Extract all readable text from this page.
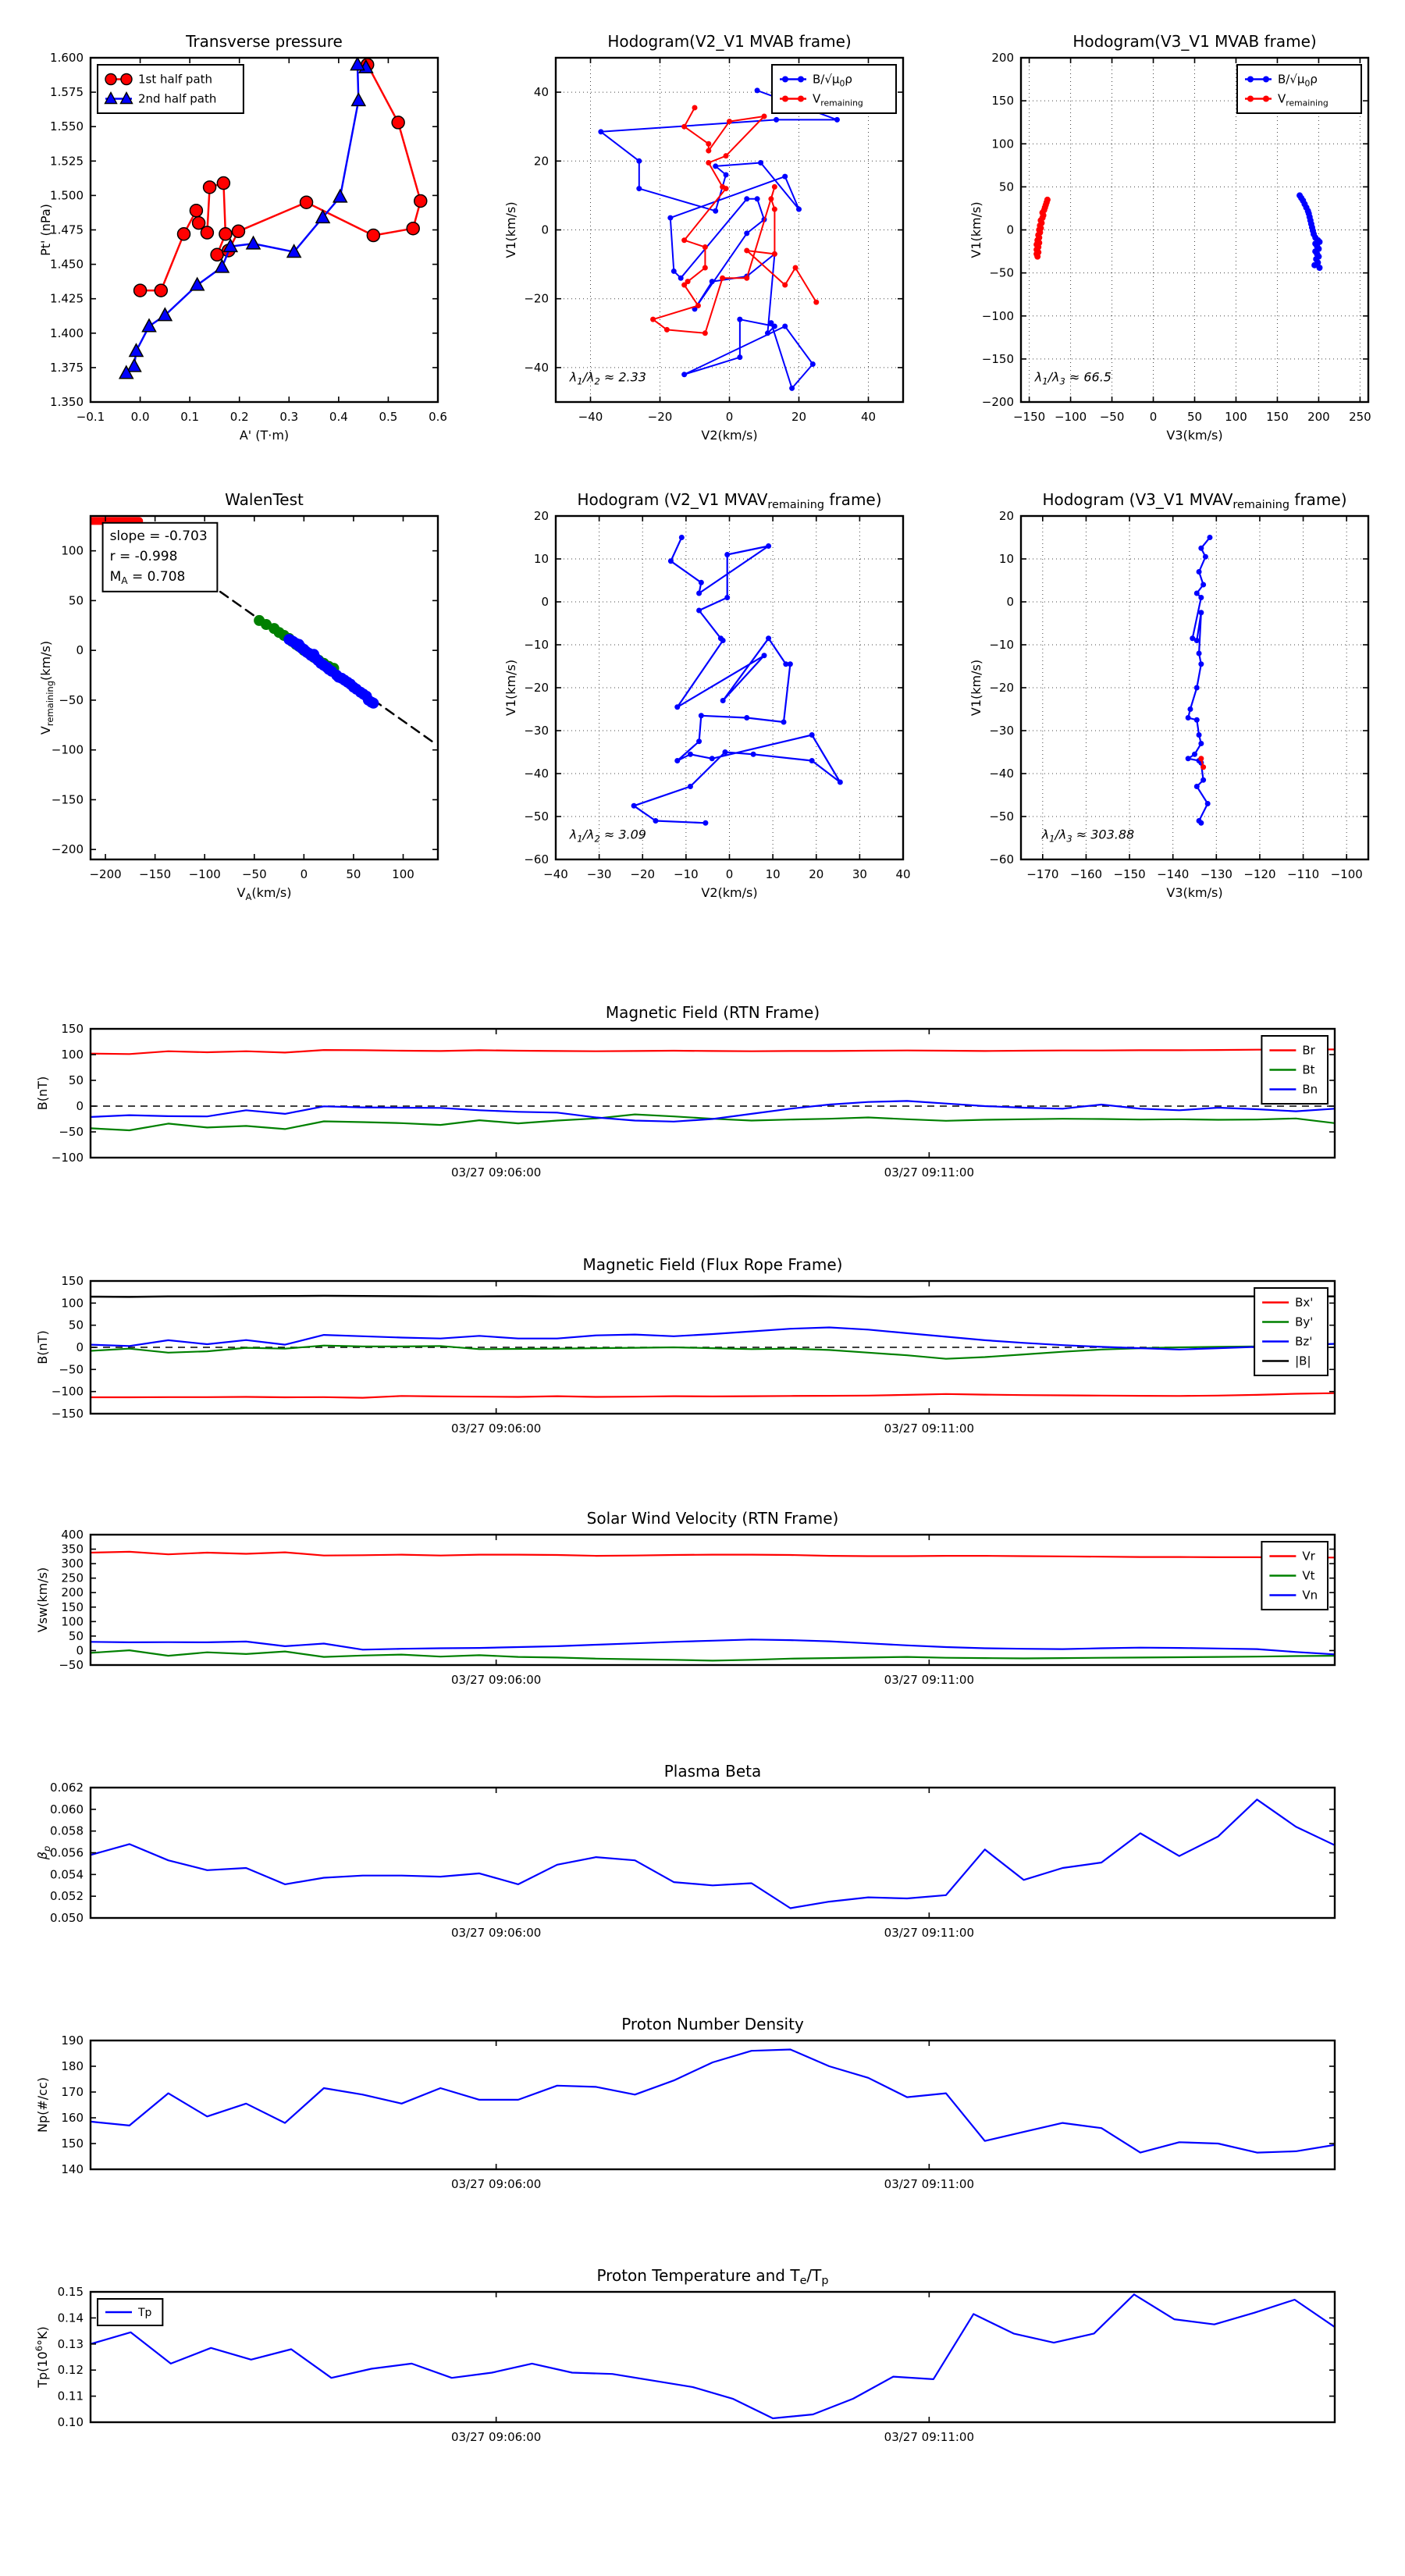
−0.1 0.0	0.1	0.2	0.3	0.4	0.5	0.6
1.350
1.375
1.400
1.425
1.450
1.475
1.500
1.525
1.550
1.575
1.600
Transverse pressure
A' (T·m)
Pt' (nPa)
1st half path
2nd half path
−40	−20	0	20	40
−40
−20
0
20
40
Hodogram(V2_V1 MVAB frame)
V2(km/s)
V1(km/s)
$\lambda_1/\lambda_2 \approx 2.33$
$B/√\mu_0\rho$
$V_{remaining}$
−150 −100 −50 0	50 100 150 200 250
−200
−150
−100
−50
0
50
100
150
200
Hodogram(V3_V1 MVAB frame)
V3(km/s)
V1(km/s)
$\lambda_1/\lambda_3 \approx 66.5$
$B/√\mu_0\rho$
$V_{remaining}$
−200 −150 −100 −50	0	50	100
−200
−150
−100
−50
0
50
100
WalenTest
$V_A(km/s)$
$V_{remaining}(km/s)$
slope = -0.703
r = -0.998
$M_A = 0.708$
−40 −30 −20 −10 0	10 20 30 40
−60
−50
−40
−30
−20
−10
0
10
20
Hodogram (V2_V1 $MVAV_{remaining}$ frame)
V2(km/s)
V1(km/s)
$\lambda_1/\lambda_2 \approx 3.09$
−170 −160 −150 −140 −130 −120 −110 −100
−60
−50
−40
−30
−20
−10
0
10
20
Hodogram (V3_V1 $MVAV_{remaining}$ frame)
V3(km/s)
V1(km/s)
$\lambda_1/\lambda_3 \approx 303.88$
03/27 09:06:00	03/27 09:11:00
−100
−50
0
50
100
150
Magnetic Field (RTN Frame)
B(nT)
Br
Bt
Bn
03/27 09:06:00	03/27 09:11:00
−150
−100
−50
0
50
100
150
Magnetic Field (Flux Rope Frame)
B(nT)
Bx'
By'
Bz'
|B|
03/27 09:06:00	03/27 09:11:00
−50
0
50
100
150
200
250
300
350
400
Solar Wind Velocity (RTN Frame)
Vsw(km/s)
Vr
Vt
Vn
03/27 09:06:00	03/27 09:11:00
0.050
0.052
0.054
0.056
0.058
0.060
0.062
Plasma Beta
$\beta_p$
03/27 09:06:00	03/27 09:11:00
140
150
160
170
180
190
Proton Number Density
Np(#/cc)
03/27 09:06:00	03/27 09:11:00
0.10
0.11
0.12
0.13
0.14
0.15
Proton Temperature and $T_e/T_p$
$Tp(10^6^\circ K)$
Tp
